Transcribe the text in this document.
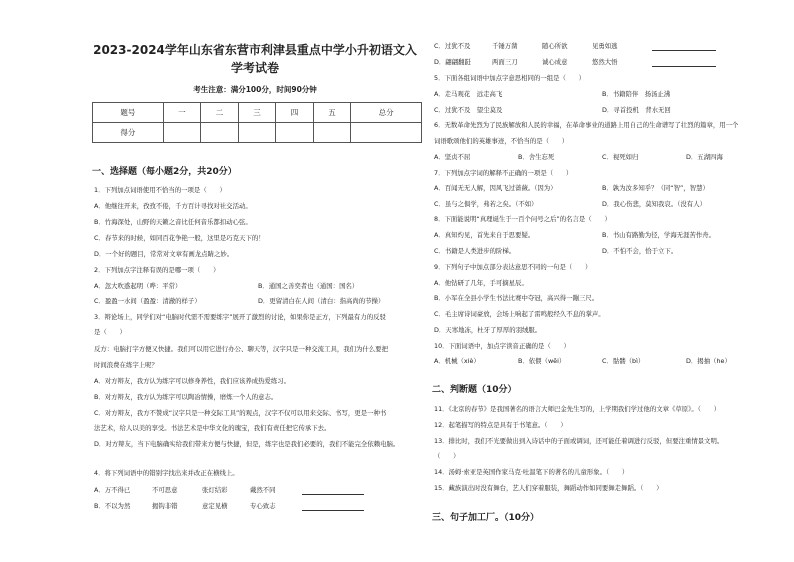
2023-2024学年山东省东营市利津县重点中学小升初语文入
学考试卷
考生注意：满分100分，时间90分钟
题号	一	二	三	四	五	总分
得分						
一、选择题（每小题2分，共20分）
1．下列加点词语使用不恰当的一项是（　　）
A．他继往开来，孜孜不倦，千方百计寻找对社交活动。
B．竹海深处，山野的天籁之音比任何音乐都扣动心弦。
C．春节来的时候，如同百花争艳一般，这里是巧克天下的！
D．一个好的题目，常常对文章有画龙点睛之妙。
2．下列加点字注释有误的是哪一项（　　）
A．忽大吹惑起明（哗：平常）	B．通国之善奕者也（通国：国名）
C．盈盈一水间（盈盈：清澈的样子）	D．更留清白在人间（清白：指高尚的节操）
3．辩论场上，同学们对“电脑时代需不需要练字”展开了激烈的讨论，如果你是正方，下列最有力的反驳
是（　　）
反方：电脑打字方便又快捷。我们可以用它进行办公、聊天等，汉字只是一种交流工具，我们为什么要把
时间浪费在练字上呢？
A．对方辩友，我方认为练字可以修身养性，我们应该养成热爱练习。
B．对方辩友，我方认为练字可以陶冶情操，磨炼一个人的意志。
C．对方辩友，我方不赞成“汉字只是一种交际工具”的观点，汉字不仅可以用来交际、书写，更是一种书
法艺术，给人以美的享受。书法艺术是中华文化的瑰宝，我们有责任把它传承下去。
D．对方辩友，当下电脑确实给我们带来方便与快捷，但是，练字也是我们必要的，我们不能完全依赖电脑。
4．将下列词语中的错别字找出来并改正在横线上。
A．万不得已	不可思意	张灯结彩	戴然不同
B．不以为然	揭钩非错	意定见横	专心致志
C．过犹不及	千锤万凿	随心所欲	见勇如逃
D．翩翩翻跹	两面三刀	诚心成意	悠然大悟
5．下面各组词语中加点字意思相同的一组是（　　）
A．走马观花　远走高飞	B．书籍陪伴　扬汤止沸
C．过犹不及　望尘莫及	D．寻首投机　背水无回
6．无数革命先烈为了民族解放和人民的幸福，在革命事业的道路上用自己的生命谱写了壮烈的篇章，用一个
词语歌颂他们的英雄事迹，不恰当的是（　　）
A．坚贞不屈	B．舍生忘死	C．视死如归	D．五湖四海
7．下列加点字词的解释不正确的一项是（　　）
A．百闻无无人解，因风飞过蔷薇。（因为）	B．孰为汝多知乎？（同“智”，智慧）
C．虽与之俱学，弗若之矣。（不如）	D．我心伤悲，莫知我哀。（没有人）
8．下面能说明“真理诞生于一百个问号之后”的名言是（　　）
A．真知灼见，首先来自于思要疑。	B．书山有路勤为径，学海无涯苦作舟。
C．书籍是人类进步的阶梯。	D．不怕不会，恰于立下。
9．下列句子中加点部分表达意思不同的一句是（　　）
A．他钻研了几年，手可摘星辰。
B．小军在全县小学生书法比赛中夺冠，高兴得一蹦三尺。
C．毛主席诗词豪放，会场上响起了雷鸣般经久不息的掌声。
D．天寒地冻，杜牙了厚厚的羽绒服。
10．下面词语中，加点字读音正确的是（　　）
A．机械（xiè）	B．依偎（wěi）	C．骷髅（bì）	D．揭抽（he）
二、判断题（10分）
11．《北京的春节》是我国著名的语言大师巴金先生写的，上学期我们学过他的文章《草原》。（　　）
12．起笔描写的特点是具有于书笔意。（　　）
13．排比时，我们不光要做出到入诗话中的子面或调词，还可能任着调进行反驳，但要注重情景文明。
（　　）
14．汤姆·索亚是英国作家马克·吐温笔下的著名的儿童形象。（　　）
15．藏族演出时没有舞台，艺人们穿着服装，舞蹈动作如同要舞走舞蹈。（　　）
三、句子加工厂。（10分）
